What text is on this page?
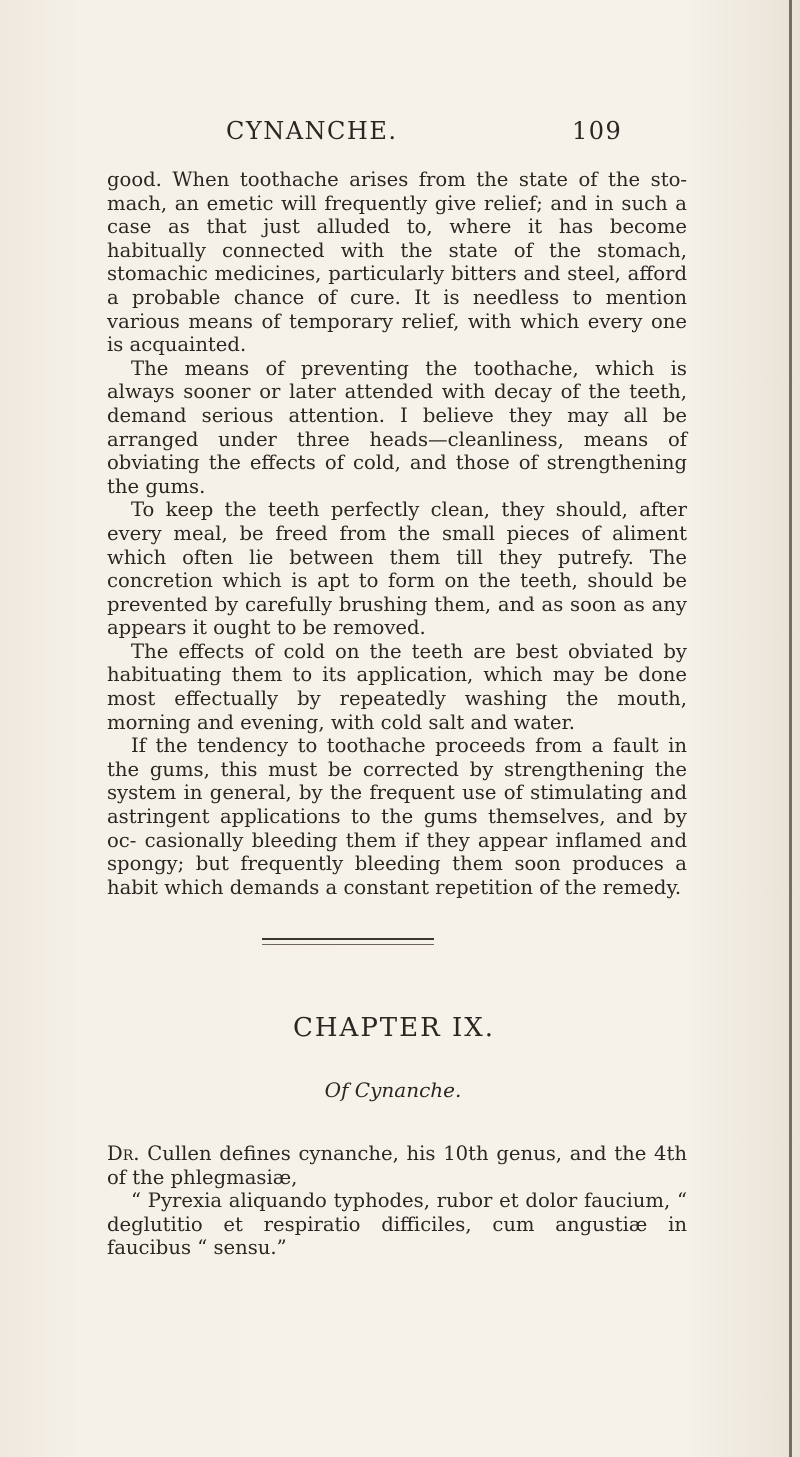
CYNANCHE.	109

good. When toothache arises from the state of the sto- mach, an emetic will frequently give relief; and in such a case as that just alluded to, where it has become habitually connected with the state of the stomach, stomachic medicines, particularly bitters and steel, afford a probable chance of cure. It is needless to mention various means of temporary relief, with which every one is acquainted.

The means of preventing the toothache, which is always sooner or later attended with decay of the teeth, demand serious attention. I believe they may all be arranged under three heads—cleanliness, means of obviating the effects of cold, and those of strengthening the gums.

To keep the teeth perfectly clean, they should, after every meal, be freed from the small pieces of aliment which often lie between them till they putrefy. The concretion which is apt to form on the teeth, should be prevented by carefully brushing them, and as soon as any appears it ought to be removed.

The effects of cold on the teeth are best obviated by habituating them to its application, which may be done most effectually by repeatedly washing the mouth, morning and evening, with cold salt and water.

If the tendency to toothache proceeds from a fault in the gums, this must be corrected by strengthening the system in general, by the frequent use of stimulating and astringent applications to the gums themselves, and by oc- casionally bleeding them if they appear inflamed and spongy; but frequently bleeding them soon produces a habit which demands a constant repetition of the remedy.

CHAPTER IX.
Of Cynanche.

Dr. Cullen defines cynanche, his 10th genus, and the 4th of the phlegmasiæ,

“ Pyrexia aliquando typhodes, rubor et dolor faucium, “ deglutitio et respiratio difficiles, cum angustiæ in faucibus “ sensu.”
